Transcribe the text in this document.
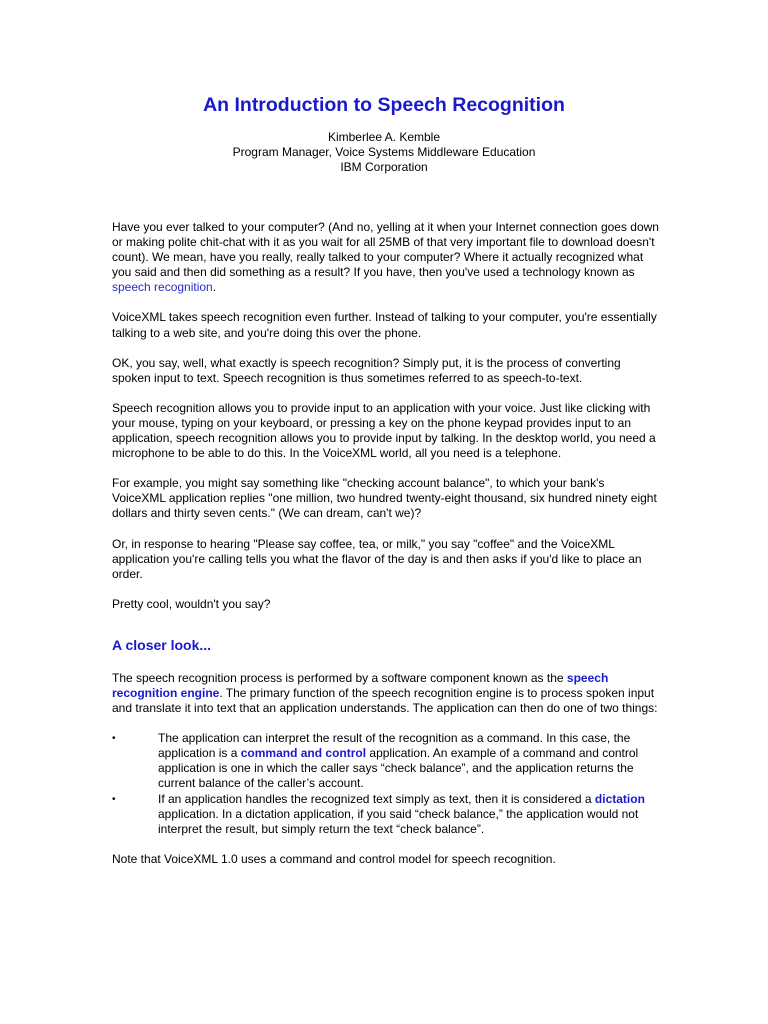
An Introduction to Speech Recognition
Kimberlee A. Kemble
Program Manager, Voice Systems Middleware Education
IBM Corporation

Have you ever talked to your computer? (And no, yelling at it when your Internet connection goes down or making polite chit-chat with it as you wait for all 25MB of that very important file to download doesn't count). We mean, have you really, really talked to your computer? Where it actually recognized what you said and then did something as a result? If you have, then you've used a technology known as speech recognition.

VoiceXML takes speech recognition even further. Instead of talking to your computer, you're essentially talking to a web site, and you're doing this over the phone.

OK, you say, well, what exactly is speech recognition? Simply put, it is the process of converting spoken input to text. Speech recognition is thus sometimes referred to as speech-to-text.

Speech recognition allows you to provide input to an application with your voice. Just like clicking with your mouse, typing on your keyboard, or pressing a key on the phone keypad provides input to an application, speech recognition allows you to provide input by talking. In the desktop world, you need a microphone to be able to do this. In the VoiceXML world, all you need is a telephone.

For example, you might say something like "checking account balance", to which your bank's VoiceXML application replies "one million, two hundred twenty-eight thousand, six hundred ninety eight dollars and thirty seven cents." (We can dream, can't we)?

Or, in response to hearing "Please say coffee, tea, or milk," you say "coffee" and the VoiceXML application you're calling tells you what the flavor of the day is and then asks if you'd like to place an order.

Pretty cool, wouldn't you say?

A closer look...

The speech recognition process is performed by a software component known as the speech recognition engine. The primary function of the speech recognition engine is to process spoken input and translate it into text that an application understands. The application can then do one of two things:

•	The application can interpret the result of the recognition as a command. In this case, the application is a command and control application. An example of a command and control application is one in which the caller says “check balance”, and the application returns the current balance of the caller’s account.
•	If an application handles the recognized text simply as text, then it is considered a dictation application. In a dictation application, if you said “check balance,” the application would not interpret the result, but simply return the text “check balance”.

Note that VoiceXML 1.0 uses a command and control model for speech recognition.
